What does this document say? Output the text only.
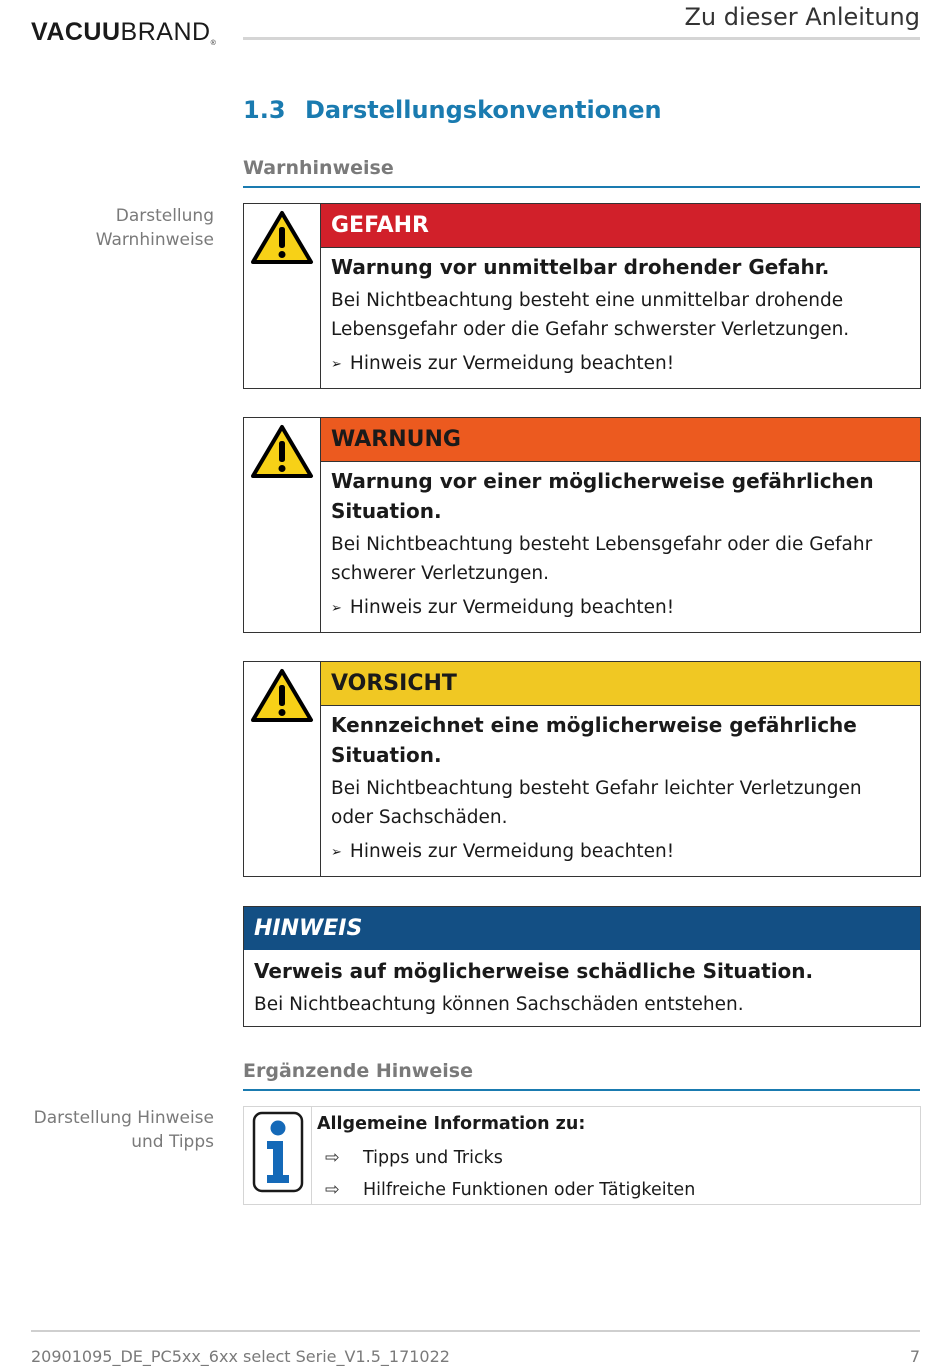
VACUUBRAND®
Zu dieser Anleitung
1.3 Darstellungskonventionen
Warnhinweise
Darstellung
Warnhinweise
GEFAHR
Warnung vor unmittelbar drohender Gefahr.
Bei Nichtbeachtung besteht eine unmittelbar drohende Lebensgefahr oder die Gefahr schwerster Verletzungen.
➢ Hinweis zur Vermeidung beachten!
WARNUNG
Warnung vor einer möglicherweise gefährlichen Situation.
Bei Nichtbeachtung besteht Lebensgefahr oder die Gefahr schwerer Verletzungen.
➢ Hinweis zur Vermeidung beachten!
VORSICHT
Kennzeichnet eine möglicherweise gefährliche Situation.
Bei Nichtbeachtung besteht Gefahr leichter Verletzungen oder Sachschäden.
➢ Hinweis zur Vermeidung beachten!
HINWEIS
Verweis auf möglicherweise schädliche Situation.
Bei Nichtbeachtung können Sachschäden entstehen.
Ergänzende Hinweise
Darstellung Hinweise
und Tipps
Allgemeine Information zu:
⇨	Tipps und Tricks
⇨	Hilfreiche Funktionen oder Tätigkeiten
20901095_DE_PC5xx_6xx select Serie_V1.5_171022	7
